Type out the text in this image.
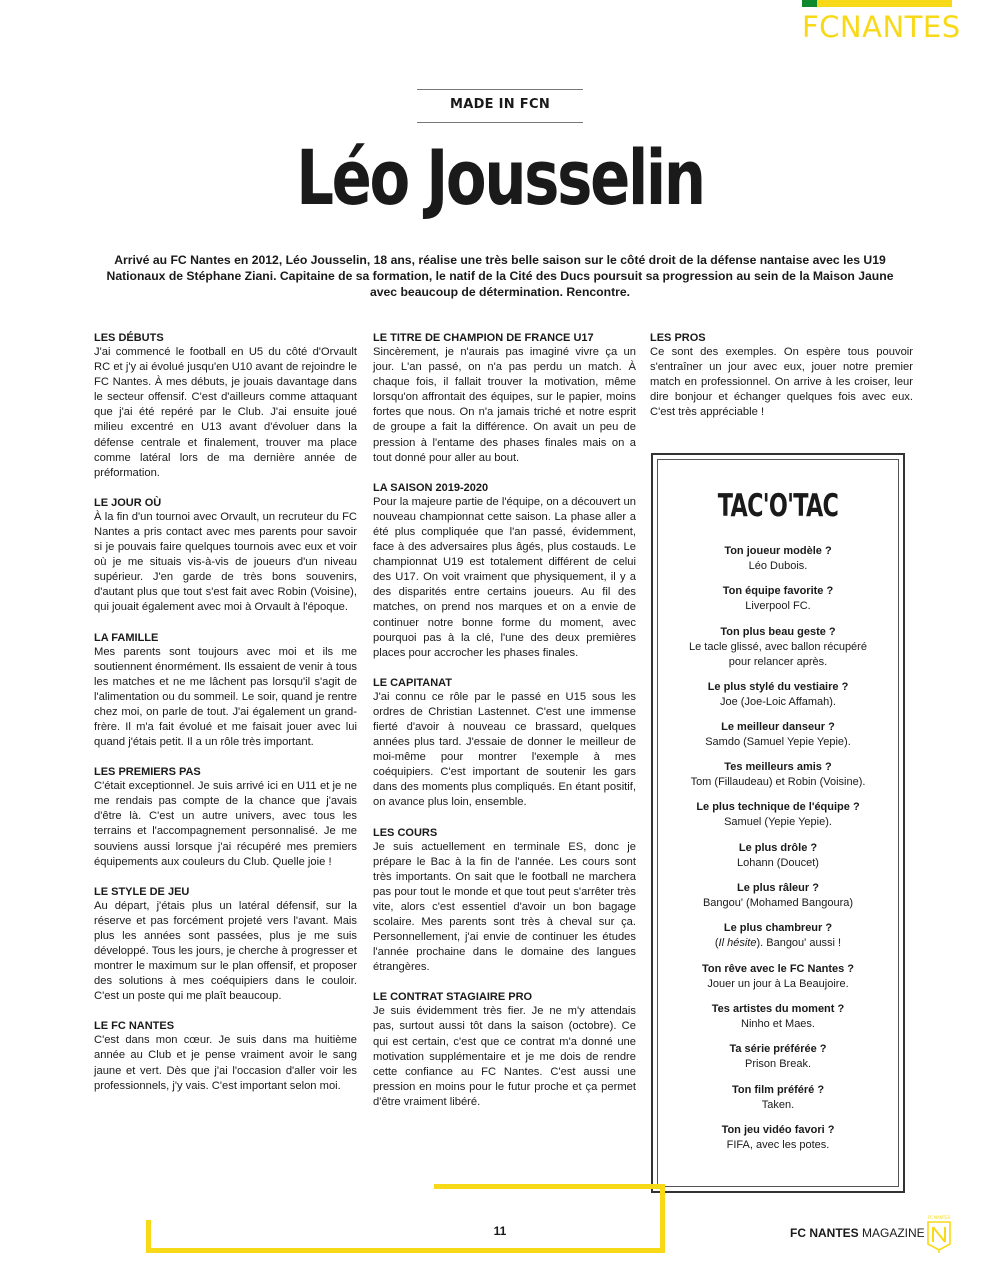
FCNANTES
MADE IN FCN
Léo Jousselin

Arrivé au FC Nantes en 2012, Léo Jousselin, 18 ans, réalise une très belle saison sur le côté droit de la défense nantaise avec les U19 Nationaux de Stéphane Ziani. Capitaine de sa formation, le natif de la Cité des Ducs poursuit sa progression au sein de la Maison Jaune avec beaucoup de détermination. Rencontre.

LES DÉBUTS

J'ai commencé le football en U5 du côté d'Orvault RC et j'y ai évolué jusqu'en U10 avant de rejoindre le FC Nantes. À mes débuts, je jouais davantage dans le secteur offensif. C'est d'ailleurs comme attaquant que j'ai été repéré par le Club. J'ai ensuite joué milieu excentré en U13 avant d'évoluer dans la défense centrale et finalement, trouver ma place comme latéral lors de ma dernière année de préformation.

LE JOUR OÙ

À la fin d'un tournoi avec Orvault, un recruteur du FC Nantes a pris contact avec mes parents pour savoir si je pouvais faire quelques tournois avec eux et voir où je me situais vis-à-vis de joueurs d'un niveau supérieur. J'en garde de très bons souvenirs, d'autant plus que tout s'est fait avec Robin (Voisine), qui jouait également avec moi à Orvault à l'époque.

LA FAMILLE

Mes parents sont toujours avec moi et ils me soutiennent énormément. Ils essaient de venir à tous les matches et ne me lâchent pas lorsqu'il s'agit de l'alimentation ou du sommeil. Le soir, quand je rentre chez moi, on parle de tout. J'ai également un grand-frère. Il m'a fait évolué et me faisait jouer avec lui quand j'étais petit. Il a un rôle très important.

LES PREMIERS PAS

C'était exceptionnel. Je suis arrivé ici en U11 et je ne me rendais pas compte de la chance que j'avais d'être là. C'est un autre univers, avec tous les terrains et l'accompagnement personnalisé. Je me souviens aussi lorsque j'ai récupéré mes premiers équipements aux couleurs du Club. Quelle joie !

LE STYLE DE JEU

Au départ, j'étais plus un latéral défensif, sur la réserve et pas forcément projeté vers l'avant. Mais plus les années sont passées, plus je me suis développé. Tous les jours, je cherche à progresser et montrer le maximum sur le plan offensif, et proposer des solutions à mes coéquipiers dans le couloir. C'est un poste qui me plaît beaucoup.

LE FC NANTES

C'est dans mon cœur. Je suis dans ma huitième année au Club et je pense vraiment avoir le sang jaune et vert. Dès que j'ai l'occasion d'aller voir les professionnels, j'y vais. C'est important selon moi.

LE TITRE DE CHAMPION DE FRANCE U17

Sincèrement, je n'aurais pas imaginé vivre ça un jour. L'an passé, on n'a pas perdu un match. À chaque fois, il fallait trouver la motivation, même lorsqu'on affrontait des équipes, sur le papier, moins fortes que nous. On n'a jamais triché et notre esprit de groupe a fait la différence. On avait un peu de pression à l'entame des phases finales mais on a tout donné pour aller au bout.

LA SAISON 2019-2020

Pour la majeure partie de l'équipe, on a découvert un nouveau championnat cette saison. La phase aller a été plus compliquée que l'an passé, évidemment, face à des adversaires plus âgés, plus costauds. Le championnat U19 est totalement différent de celui des U17. On voit vraiment que physiquement, il y a des disparités entre certains joueurs. Au fil des matches, on prend nos marques et on a envie de continuer notre bonne forme du moment, avec pourquoi pas à la clé, l'une des deux premières places pour accrocher les phases finales.

LE CAPITANAT

J'ai connu ce rôle par le passé en U15 sous les ordres de Christian Lastennet. C'est une immense fierté d'avoir à nouveau ce brassard, quelques années plus tard. J'essaie de donner le meilleur de moi-même pour montrer l'exemple à mes coéquipiers. C'est important de soutenir les gars dans des moments plus compliqués. En étant positif, on avance plus loin, ensemble.

LES COURS

Je suis actuellement en terminale ES, donc je prépare le Bac à la fin de l'année. Les cours sont très importants. On sait que le football ne marchera pas pour tout le monde et que tout peut s'arrêter très vite, alors c'est essentiel d'avoir un bon bagage scolaire. Mes parents sont très à cheval sur ça. Personnellement, j'ai envie de continuer les études l'année prochaine dans le domaine des langues étrangères.

LE CONTRAT STAGIAIRE PRO

Je suis évidemment très fier. Je ne m'y attendais pas, surtout aussi tôt dans la saison (octobre). Ce qui est certain, c'est que ce contrat m'a donné une motivation supplémentaire et je me dois de rendre cette confiance au FC Nantes. C'est aussi une pression en moins pour le futur proche et ça permet d'être vraiment libéré.

LES PROS

Ce sont des exemples. On espère tous pouvoir s'entraîner un jour avec eux, jouer notre premier match en professionnel. On arrive à les croiser, leur dire bonjour et échanger quelques fois avec eux. C'est très appréciable !

TAC'O'TAC
Ton joueur modèle ?
Léo Dubois.
Ton équipe favorite ?
Liverpool FC.
Ton plus beau geste ?
Le tacle glissé, avec ballon récupéré pour relancer après.
Le plus stylé du vestiaire ?
Joe (Joe-Loic Affamah).
Le meilleur danseur ?
Samdo (Samuel Yepie Yepie).
Tes meilleurs amis ?
Tom (Fillaudeau) et Robin (Voisine).
Le plus technique de l'équipe ?
Samuel (Yepie Yepie).
Le plus drôle ?
Lohann (Doucet)
Le plus râleur ?
Bangou' (Mohamed Bangoura)
Le plus chambreur ?
(Il hésite). Bangou' aussi !
Ton rêve avec le FC Nantes ?
Jouer un jour à La Beaujoire.
Tes artistes du moment ?
Ninho et Maes.
Ta série préférée ?
Prison Break.
Ton film préféré ?
Taken.
Ton jeu vidéo favori ?
FIFA, avec les potes.
11	FC NANTES MAGAZINE
FC NANTES
